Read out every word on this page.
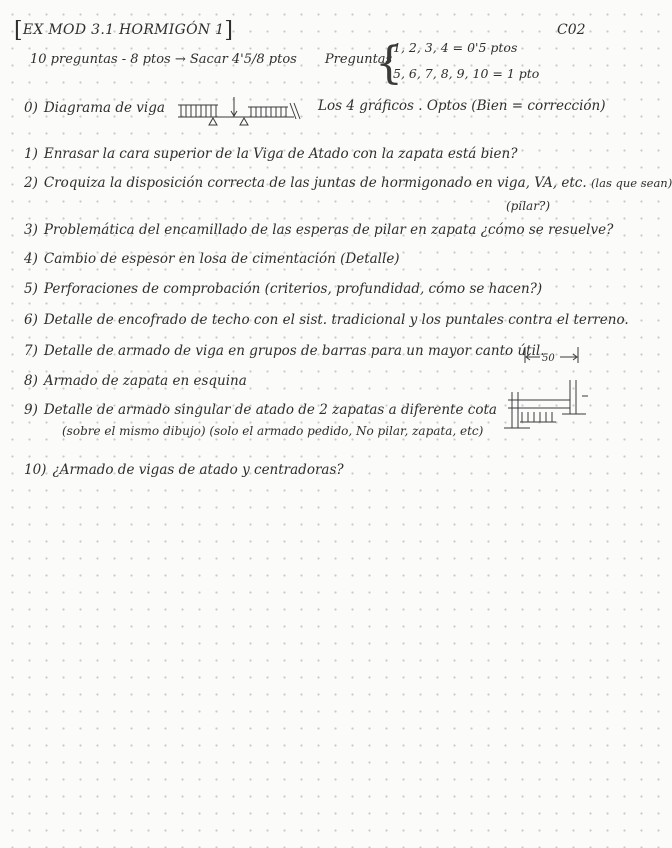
[EX MOD 3.1 HORMIGÓN 1]	C02
10 preguntas - 8 ptos → Sacar 4'5/8 ptos Preguntas
{
1, 2, 3, 4 = 0'5 ptos
5, 6, 7, 8, 9, 10 = 1 pto
0) Diagrama de viga	Los 4 gráficos . Optos (Bien = corrección)
1) Enrasar la cara superior de la Viga de Atado con la zapata está bien?
2) Croquiza la disposición correcta de las juntas de hormigonado en viga, VA, etc. (las que sean)
(pilar?)
3) Problemática del encamillado de las esperas de pilar en zapata ¿cómo se resuelve?
4) Cambio de espesor en losa de cimentación (Detalle)
5) Perforaciones de comprobación (criterios, profundidad, cómo se hacen?)
6) Detalle de encofrado de techo con el sist. tradicional y los puntales contra el terreno.
7) Detalle de armado de viga en grupos de barras para un mayor canto útil.
50
8) Armado de zapata en esquina
9) Detalle de armado singular de atado de 2 zapatas a diferente cota
(sobre el mismo dibujo) (solo el armado pedido, No pilar, zapata, etc)
10) ¿Armado de vigas de atado y centradoras?
